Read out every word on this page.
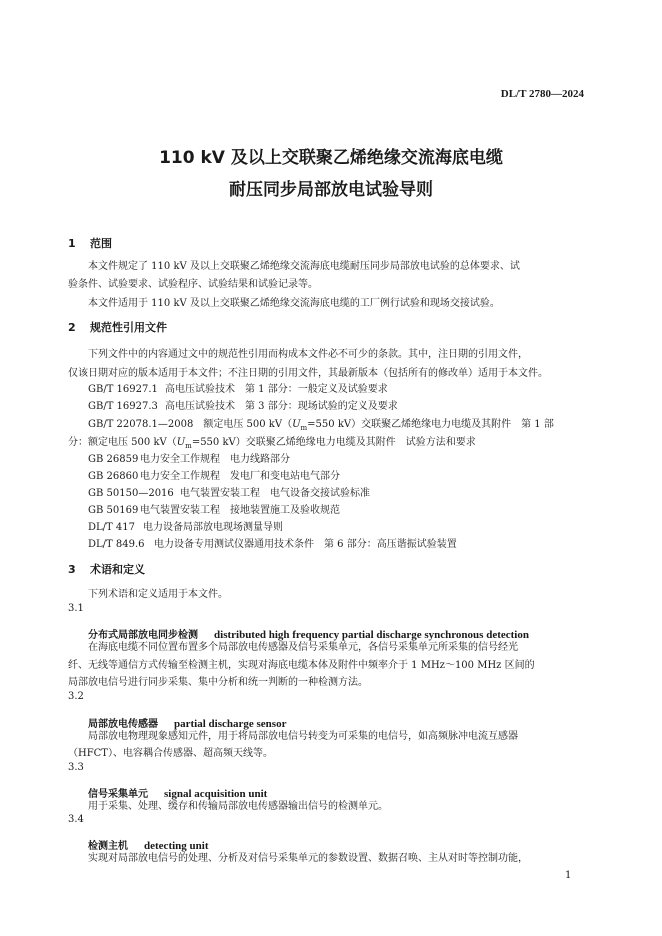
DL/T 2780—2024
110 kV 及以上交联聚乙烯绝缘交流海底电缆
耐压同步局部放电试验导则
1 范围
本文件规定了 110 kV 及以上交联聚乙烯绝缘交流海底电缆耐压同步局部放电试验的总体要求、试
验条件、试验要求、试验程序、试验结果和试验记录等。
本文件适用于 110 kV 及以上交联聚乙烯绝缘交流海底电缆的工厂例行试验和现场交接试验。
2 规范性引用文件
下列文件中的内容通过文中的规范性引用而构成本文件必不可少的条款。其中，注日期的引用文件，
仅该日期对应的版本适用于本文件；不注日期的引用文件，其最新版本（包括所有的修改单）适用于本文件。
GB/T 16927.1 高电压试验技术　第 1 部分：一般定义及试验要求
GB/T 16927.3 高电压试验技术　第 3 部分：现场试验的定义及要求
GB/T 22078.1—2008　额定电压 500 $kV(U_m=550$ kV）交联聚乙烯绝缘电力电缆及其附件　第 1 部
分：额定电压 500 $kV(U_m=550$ kV）交联聚乙烯绝缘电力电缆及其附件　试验方法和要求
GB 26859 电力安全工作规程　电力线路部分
GB 26860 电力安全工作规程　发电厂和变电站电气部分
GB 50150—2016 电气装置安装工程　电气设备交接试验标准
GB 50169 电气装置安装工程　接地装置施工及验收规范
DL/T 417 电力设备局部放电现场测量导则
DL/T 849.6 电力设备专用测试仪器通用技术条件　第 6 部分：高压谐振试验装置
3 术语和定义
下列术语和定义适用于本文件。
3.1
分布式局部放电同步检测　 distributed high frequency partial discharge synchronous detection
在海底电缆不同位置布置多个局部放电传感器及信号采集单元，各信号采集单元所采集的信号经光
纤、无线等通信方式传输至检测主机，实现对海底电缆本体及附件中频率介于 1 MHz～100 MHz 区间的
局部放电信号进行同步采集、集中分析和统一判断的一种检测方法。
3.2
局部放电传感器　 partial discharge sensor
局部放电物理现象感知元件，用于将局部放电信号转变为可采集的电信号，如高频脉冲电流互感器
（HFCT）、电容耦合传感器、超高频天线等。
3.3
信号采集单元　 signal acquisition unit
用于采集、处理、缓存和传输局部放电传感器输出信号的检测单元。
3.4
检测主机　 detecting unit
实现对局部放电信号的处理、分析及对信号采集单元的参数设置、数据召唤、主从对时等控制功能，
1
